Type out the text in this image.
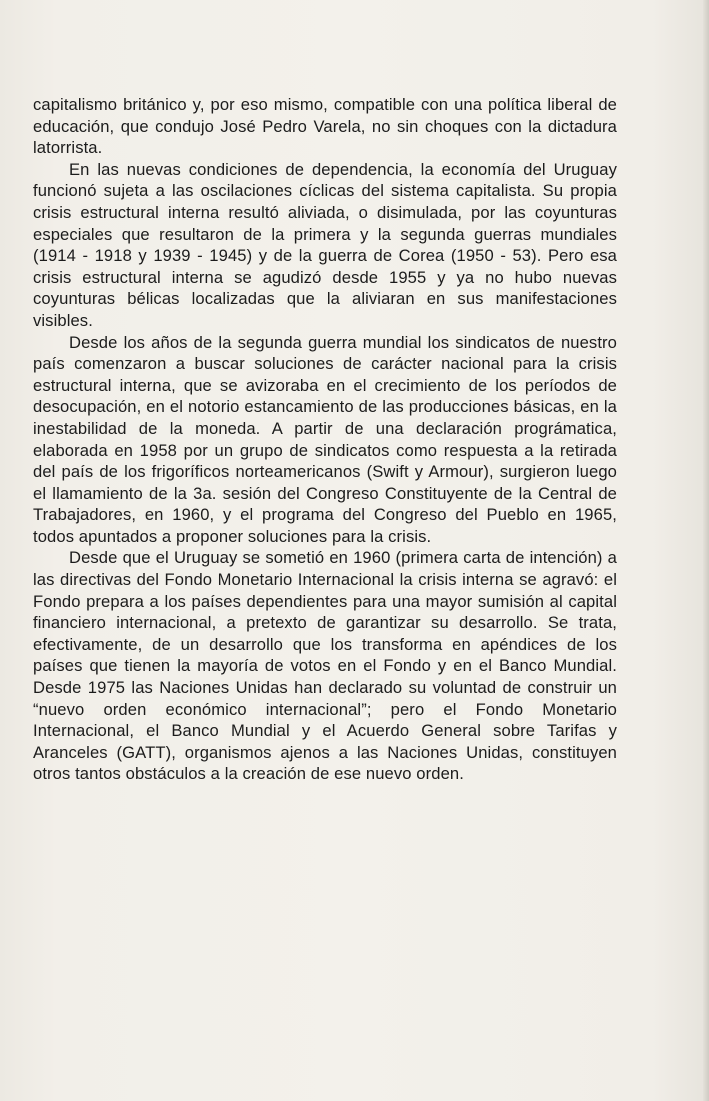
capitalismo británico y, por eso mismo, compatible con una política liberal de educación, que condujo José Pedro Varela, no sin choques con la dictadura latorrista.

En las nuevas condiciones de dependencia, la economía del Uruguay funcionó sujeta a las oscilaciones cíclicas del sistema capitalista. Su propia crisis estructural interna resultó aliviada, o disimulada, por las coyunturas especiales que resultaron de la primera y la segunda guerras mundiales (1914 - 1918 y 1939 - 1945) y de la guerra de Corea (1950 - 53). Pero esa crisis estructural interna se agudizó desde 1955 y ya no hubo nuevas coyunturas bélicas localizadas que la aliviaran en sus manifestaciones visibles.

Desde los años de la segunda guerra mundial los sindicatos de nuestro país comenzaron a buscar soluciones de carácter nacional para la crisis estructural interna, que se avizoraba en el crecimiento de los períodos de desocupación, en el notorio estancamiento de las producciones básicas, en la inestabilidad de la moneda. A partir de una declaración prográmatica, elaborada en 1958 por un grupo de sindicatos como respuesta a la retirada del país de los frigoríficos norteamericanos (Swift y Armour), surgieron luego el llamamiento de la 3a. sesión del Congreso Constituyente de la Central de Trabajadores, en 1960, y el programa del Congreso del Pueblo en 1965, todos apuntados a proponer soluciones para la crisis.

Desde que el Uruguay se sometió en 1960 (primera carta de intención) a las directivas del Fondo Monetario Internacional la crisis interna se agravó: el Fondo prepara a los países dependientes para una mayor sumisión al capital financiero internacional, a pretexto de garantizar su desarrollo. Se trata, efectivamente, de un desarrollo que los transforma en apéndices de los países que tienen la mayoría de votos en el Fondo y en el Banco Mundial. Desde 1975 las Naciones Unidas han declarado su voluntad de construir un “nuevo orden económico internacional”; pero el Fondo Monetario Internacional, el Banco Mundial y el Acuerdo General sobre Tarifas y Aranceles (GATT), organismos ajenos a las Naciones Unidas, constituyen otros tantos obstáculos a la creación de ese nuevo orden.
